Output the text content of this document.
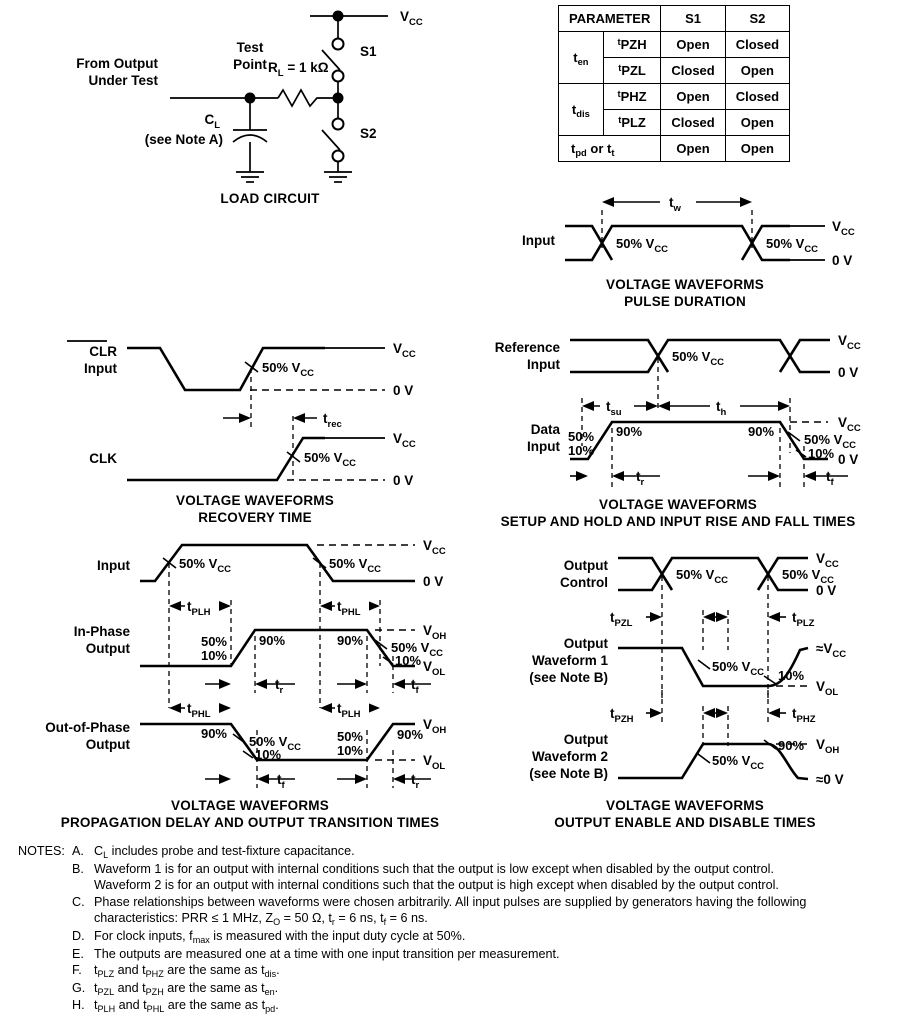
$V_{CC}$
S1
From Output
Under Test
Test
Point $R_L = 1$ kΩ
$C_L$
(see Note A)	S2
LOAD CIRCUIT
PARAMETER		S1	S2
$t_{en}$	$^t$PZH	Open	Closed
	$^t$PZL	Closed	Open
$t_{dis}$	$^t$PHZ	Open	Closed
	$^t$PLZ	Closed	Open
$t_{pd}$ or $t_t$		Open	Open
Input
$V_{CC}$
0 V
50% $V_{CC}$	50% $V_{CC}$
$t_w$
VOLTAGE WAVEFORMS
PULSE DURATION
CLR
Input
$V_{CC}$
0 V
50% $V_{CC}$
$t_{rec}$
CLK
$V_{CC}$
0 V
50% $V_{CC}$
VOLTAGE WAVEFORMS
RECOVERY TIME
Reference
Input
$V_{CC}$
0 V
50% $V_{CC}$
$t_{su}$	$t_h$
Data
Input
$V_{CC}$
0 V
50%
10%
90%	90%
50% $V_{CC}$
10%
$t_r$	$t_f$
VOLTAGE WAVEFORMS
SETUP AND HOLD AND INPUT RISE AND FALL TIMES
Input
$V_{CC}$
0 V
50% $V_{CC}$	50% $V_{CC}$
$t_{PLH}$	$t_{PHL}$
In-Phase
Output
$V_{OH}$
$V_{OL}$
50%
10%
90%	90% 50% $V_{CC}$
10%
$t_r$	$t_f$
$t_{PHL}$	$t_{PLH}$
Out-of-Phase
Output
$V_{OH}$
$V_{OL}$
90%
50% $V_{CC}$
10%
50%
10%
90%
$t_f$	$t_r$
VOLTAGE WAVEFORMS
PROPAGATION DELAY AND OUTPUT TRANSITION TIMES
Output
Control
$V_{CC}$
0 V
50% $V_{CC}$	50% $V_{CC}$
$t_{PZL}$	$t_{PLZ}$
Output
Waveform 1
(see Note B)
$\approx V_{CC}$
$V_{OL}$
50% $V_{CC}$ 10%
$t_{PZH}$	$t_{PHZ}$
Output
Waveform 2
(see Note B)
$V_{OH}$
≈0 V
50% $V_{CC}$
90%
VOLTAGE WAVEFORMS
OUTPUT ENABLE AND DISABLE TIMES
NOTES: A. $C_L$ includes probe and test-fixture capacitance.
B. Waveform 1 is for an output with internal conditions such that the output is low except when disabled by the output control.
Waveform 2 is for an output with internal conditions such that the output is high except when disabled by the output control.
C. Phase relationships between waveforms were chosen arbitrarily. All input pulses are supplied by generators having the following
characteristics: PRR ≤ 1 MHz, $Z_O = 50$ Ω, $t_r = 6$ ns, $t_f = 6$ ns.
D. For clock inputs, $f_{max}$ is measured with the input duty cycle at 50%.
E. The outputs are measured one at a time with one input transition per measurement.
F. $t_{PLZ}$ and $t_{PHZ}$ are the same as $t_{dis}$.
G. $t_{PZL}$ and $t_{PZH}$ are the same as $t_{en}$.
H. $t_{PLH}$ and $t_{PHL}$ are the same as $t_{pd}$.
